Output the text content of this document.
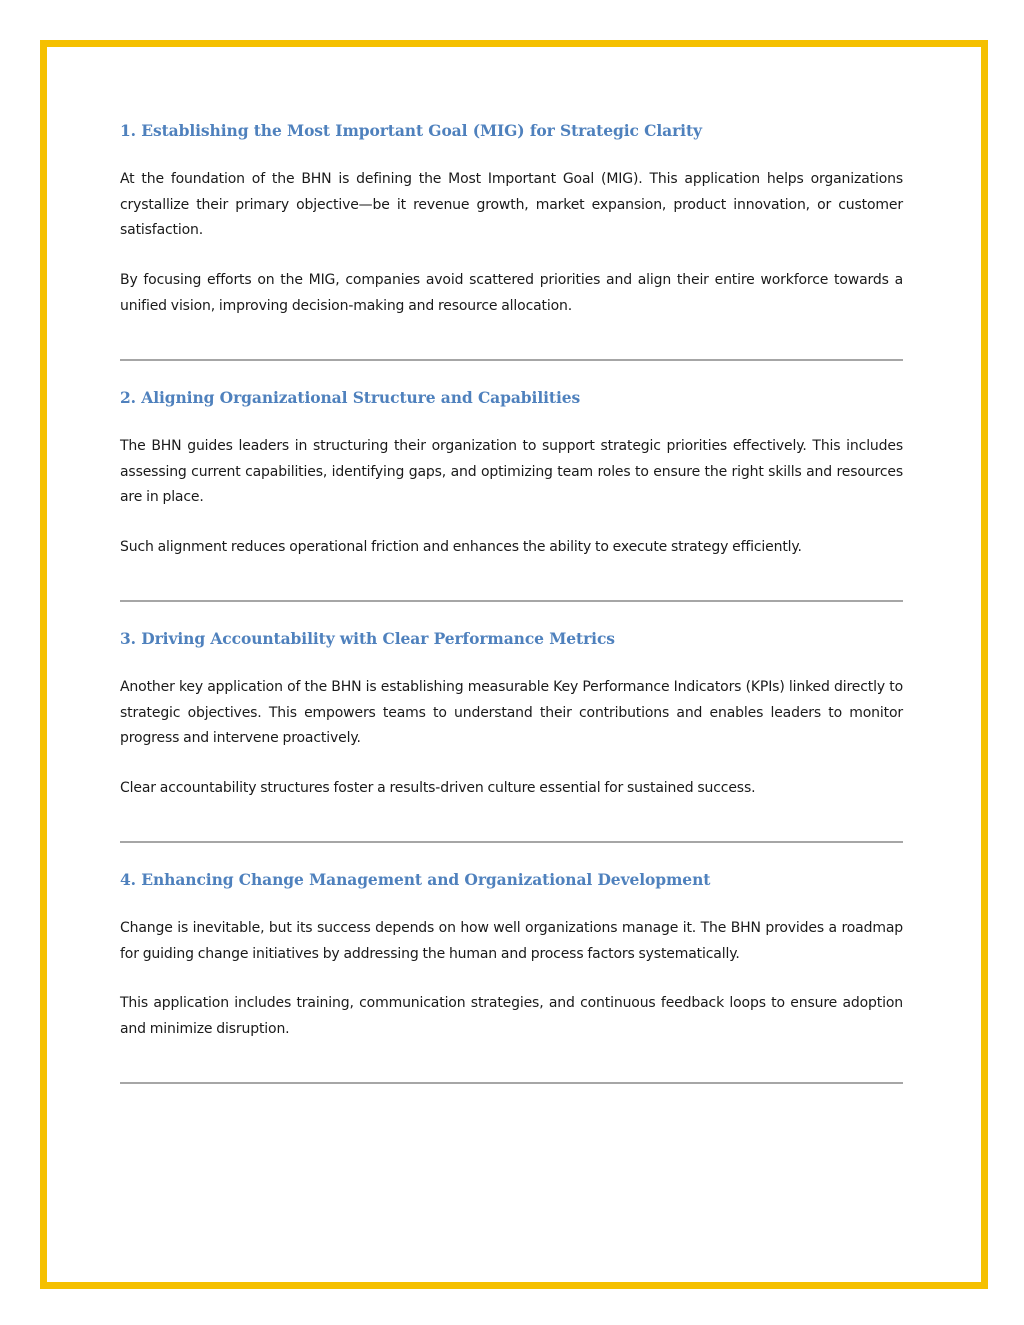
1. Establishing the Most Important Goal (MIG) for Strategic Clarity

At the foundation of the BHN is defining the Most Important Goal (MIG). This application helps organizations crystallize their primary objective—be it revenue growth, market expansion, product innovation, or customer satisfaction.

By focusing efforts on the MIG, companies avoid scattered priorities and align their entire workforce towards a unified vision, improving decision-making and resource allocation.

2. Aligning Organizational Structure and Capabilities

The BHN guides leaders in structuring their organization to support strategic priorities effectively. This includes assessing current capabilities, identifying gaps, and optimizing team roles to ensure the right skills and resources are in place.

Such alignment reduces operational friction and enhances the ability to execute strategy efficiently.

3. Driving Accountability with Clear Performance Metrics

Another key application of the BHN is establishing measurable Key Performance Indicators (KPIs) linked directly to strategic objectives. This empowers teams to understand their contributions and enables leaders to monitor progress and intervene proactively.

Clear accountability structures foster a results-driven culture essential for sustained success.

4. Enhancing Change Management and Organizational Development

Change is inevitable, but its success depends on how well organizations manage it. The BHN provides a roadmap for guiding change initiatives by addressing the human and process factors systematically.

This application includes training, communication strategies, and continuous feedback loops to ensure adoption and minimize disruption.
